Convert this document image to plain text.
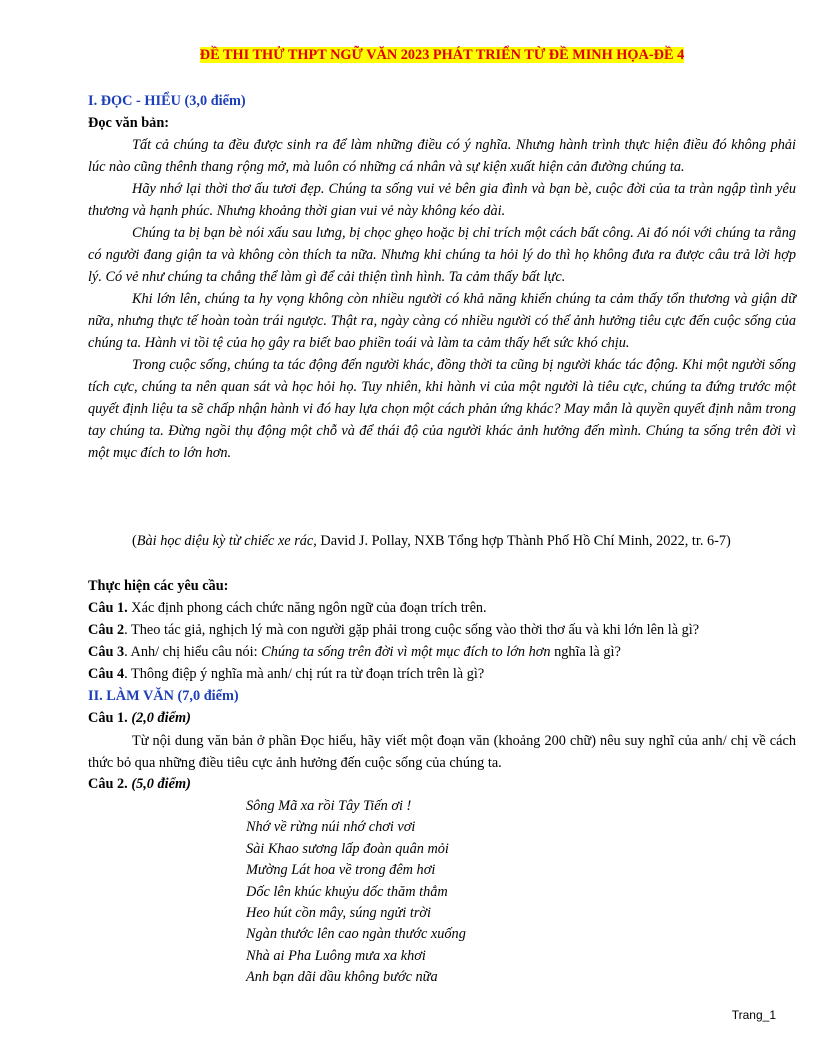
ĐỀ THI THỬ THPT NGỮ VĂN 2023 PHÁT TRIỂN TỪ ĐỀ MINH HỌA-ĐỀ 4
I. ĐỌC - HIỂU (3,0 điểm)
Đọc văn bản:

Tất cả chúng ta đều được sinh ra để làm những điều có ý nghĩa. Nhưng hành trình thực hiện điều đó không phải lúc nào cũng thênh thang rộng mở, mà luôn có những cá nhân và sự kiện xuất hiện cản đường chúng ta.

Hãy nhớ lại thời thơ ấu tươi đẹp. Chúng ta sống vui vẻ bên gia đình và bạn bè, cuộc đời của ta tràn ngập tình yêu thương và hạnh phúc. Nhưng khoảng thời gian vui vẻ này không kéo dài.

Chúng ta bị bạn bè nói xấu sau lưng, bị chọc ghẹo hoặc bị chỉ trích một cách bất công. Ai đó nói với chúng ta rằng có người đang giận ta và không còn thích ta nữa. Nhưng khi chúng ta hỏi lý do thì họ không đưa ra được câu trả lời hợp lý. Có vẻ như chúng ta chẳng thể làm gì để cải thiện tình hình. Ta cảm thấy bất lực.

Khi lớn lên, chúng ta hy vọng không còn nhiều người có khả năng khiến chúng ta cảm thấy tổn thương và giận dữ nữa, nhưng thực tế hoàn toàn trái ngược. Thật ra, ngày càng có nhiều người có thể ảnh hưởng tiêu cực đến cuộc sống của chúng ta. Hành vi tồi tệ của họ gây ra biết bao phiền toái và làm ta cảm thấy hết sức khó chịu.

Trong cuộc sống, chúng ta tác động đến người khác, đồng thời ta cũng bị người khác tác động. Khi một người sống tích cực, chúng ta nên quan sát và học hỏi họ. Tuy nhiên, khi hành vi của một người là tiêu cực, chúng ta đứng trước một quyết định liệu ta sẽ chấp nhận hành vi đó hay lựa chọn một cách phản ứng khác? May mắn là quyền quyết định nằm trong tay chúng ta. Đừng ngồi thụ động một chỗ và để thái độ của người khác ảnh hưởng đến mình. Chúng ta sống trên đời vì một mục đích to lớn hơn.

(Bài học diệu kỳ từ chiếc xe rác, David J. Pollay, NXB Tổng hợp Thành Phố Hồ Chí Minh, 2022, tr. 6-7)

Thực hiện các yêu cầu:
Câu 1. Xác định phong cách chức năng ngôn ngữ của đoạn trích trên.
Câu 2. Theo tác giả, nghịch lý mà con người gặp phải trong cuộc sống vào thời thơ ấu và khi lớn lên là gì?
Câu 3. Anh/ chị hiểu câu nói: Chúng ta sống trên đời vì một mục đích to lớn hơn nghĩa là gì?
Câu 4. Thông điệp ý nghĩa mà anh/ chị rút ra từ đoạn trích trên là gì?
II. LÀM VĂN (7,0 điểm)
Câu 1. (2,0 điểm)

Từ nội dung văn bản ở phần Đọc hiểu, hãy viết một đoạn văn (khoảng 200 chữ) nêu suy nghĩ của anh/ chị về cách thức bỏ qua những điều tiêu cực ảnh hưởng đến cuộc sống của chúng ta.

Câu 2. (5,0 điểm)
Sông Mã xa rồi Tây Tiến ơi !
Nhớ về rừng núi nhớ chơi vơi
Sài Khao sương lấp đoàn quân mỏi
Mường Lát hoa về trong đêm hơi
Dốc lên khúc khuỷu dốc thăm thẳm
Heo hút cồn mây, súng ngửi trời
Ngàn thước lên cao ngàn thước xuống
Nhà ai Pha Luông mưa xa khơi
Anh bạn dãi dầu không bước nữa
Trang_1
